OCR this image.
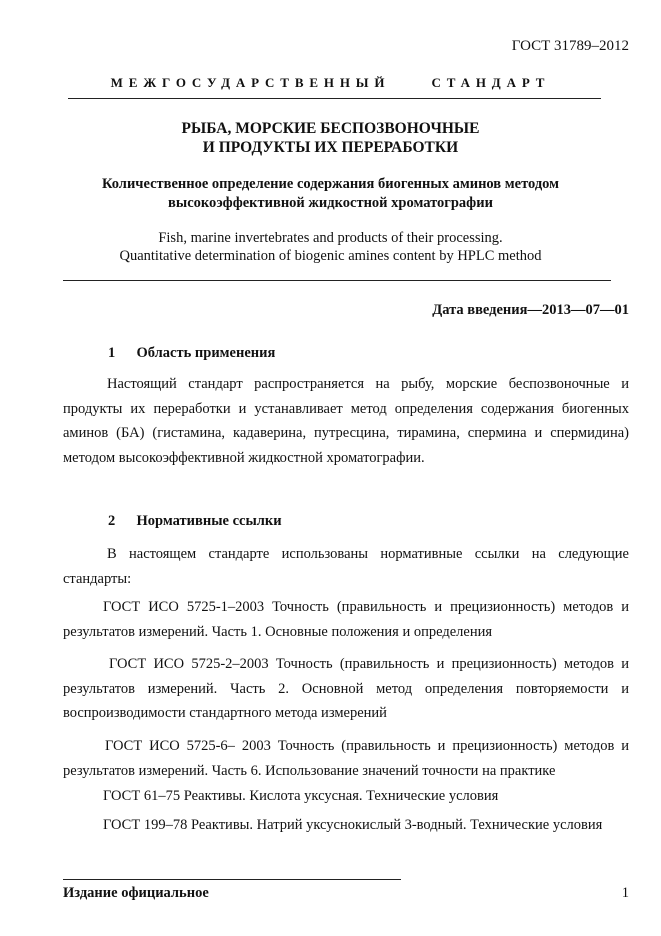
ГОСТ 31789–2012
МЕЖГОСУДАРСТВЕННЫЙ	СТАНДАРТ
РЫБА, МОРСКИЕ БЕСПОЗВОНОЧНЫЕ
И ПРОДУКТЫ ИХ ПЕРЕРАБОТКИ
Количественное определение содержания биогенных аминов методом
высокоэффективной жидкостной хроматографии
Fish, marine invertebrates and products of their processing.
Quantitative determination of biogenic amines content by HPLC method
Дата введения—2013—07—01
1 Область применения
Настоящий стандарт распространяется на рыбу, морские беспозвоночные и продукты их переработки и устанавливает метод определения содержания биогенных аминов (БА) (гистамина, кадаверина, путресцина, тирамина, спермина и спермидина) методом высокоэффективной жидкостной хроматографии.
2 Нормативные ссылки
В настоящем стандарте использованы нормативные ссылки на следующие стандарты:
ГОСТ ИСО 5725-1–2003 Точность (правильность и прецизионность) методов и результатов измерений. Часть 1. Основные положения и определения
ГОСТ ИСО 5725-2–2003 Точность (правильность и прецизионность) методов и результатов измерений. Часть 2. Основной метод определения повторяемости и воспроизводимости стандартного метода измерений
ГОСТ ИСО 5725-6– 2003 Точность (правильность и прецизионность) методов и результатов измерений. Часть 6. Использование значений точности на практике
ГОСТ 61–75 Реактивы. Кислота уксусная. Технические условия
ГОСТ 199–78 Реактивы. Натрий уксуснокислый 3-водный. Технические условия
Издание официальное	1
